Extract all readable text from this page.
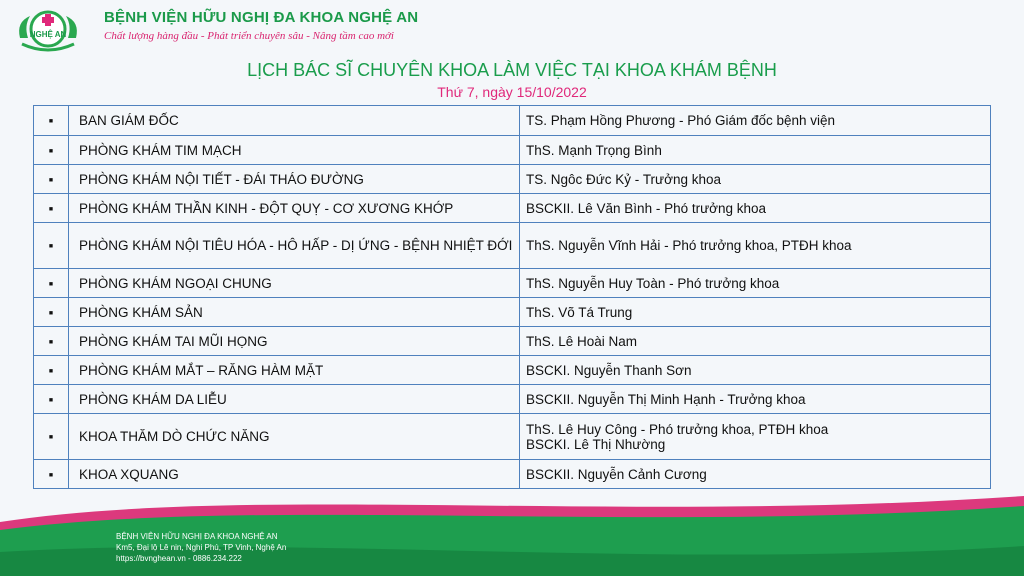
NGHỆ AN
BỆNH VIỆN HỮU NGHỊ ĐA KHOA NGHỆ AN
Chất lượng hàng đầu - Phát triển chuyên sâu - Nâng tầm cao mới
LỊCH BÁC SĨ CHUYÊN KHOA LÀM VIỆC TẠI KHOA KHÁM BỆNH
Thứ 7, ngày 15/10/2022
▪	BAN GIÁM ĐỐC	TS. Phạm Hồng Phương - Phó Giám đốc bệnh viện
▪	PHÒNG KHÁM TIM MẠCH	ThS. Mạnh Trọng Bình
▪	PHÒNG KHÁM NỘI TIẾT - ĐÁI THÁO ĐƯỜNG	TS. Ngôc Đức Kỷ - Trưởng khoa
▪	PHÒNG KHÁM THẦN KINH - ĐỘT QUỴ - CƠ XƯƠNG KHỚP	BSCKII. Lê Văn Bình - Phó trưởng khoa
▪	PHÒNG KHÁM NỘI TIÊU HÓA - HÔ HẤP - DỊ ỨNG - BỆNH NHIỆT ĐỚI	ThS. Nguyễn Vĩnh Hải - Phó trưởng khoa, PTĐH khoa
▪	PHÒNG KHÁM NGOẠI CHUNG	ThS. Nguyễn Huy Toàn - Phó trưởng khoa
▪	PHÒNG KHÁM SẢN	ThS. Võ Tá Trung
▪	PHÒNG KHÁM TAI MŨI HỌNG	ThS. Lê Hoài Nam
▪	PHÒNG KHÁM MẮT – RĂNG HÀM MẶT	BSCKI. Nguyễn Thanh Sơn
▪	PHÒNG KHÁM DA LIỄU	BSCKII. Nguyễn Thị Minh Hạnh - Trưởng khoa
▪	KHOA THĂM DÒ CHỨC NĂNG	ThS. Lê Huy Công - Phó trưởng khoa, PTĐH khoa
BSCKI. Lê Thị Nhường

▪	KHOA XQUANG	BSCKII. Nguyễn Cảnh Cương
BỆNH VIỆN HỮU NGHỊ ĐA KHOA NGHỆ AN
Km5, Đại lộ Lê nin, Nghi Phú, TP Vinh, Nghệ An
https://bvnghean.vn - 0886.234.222
